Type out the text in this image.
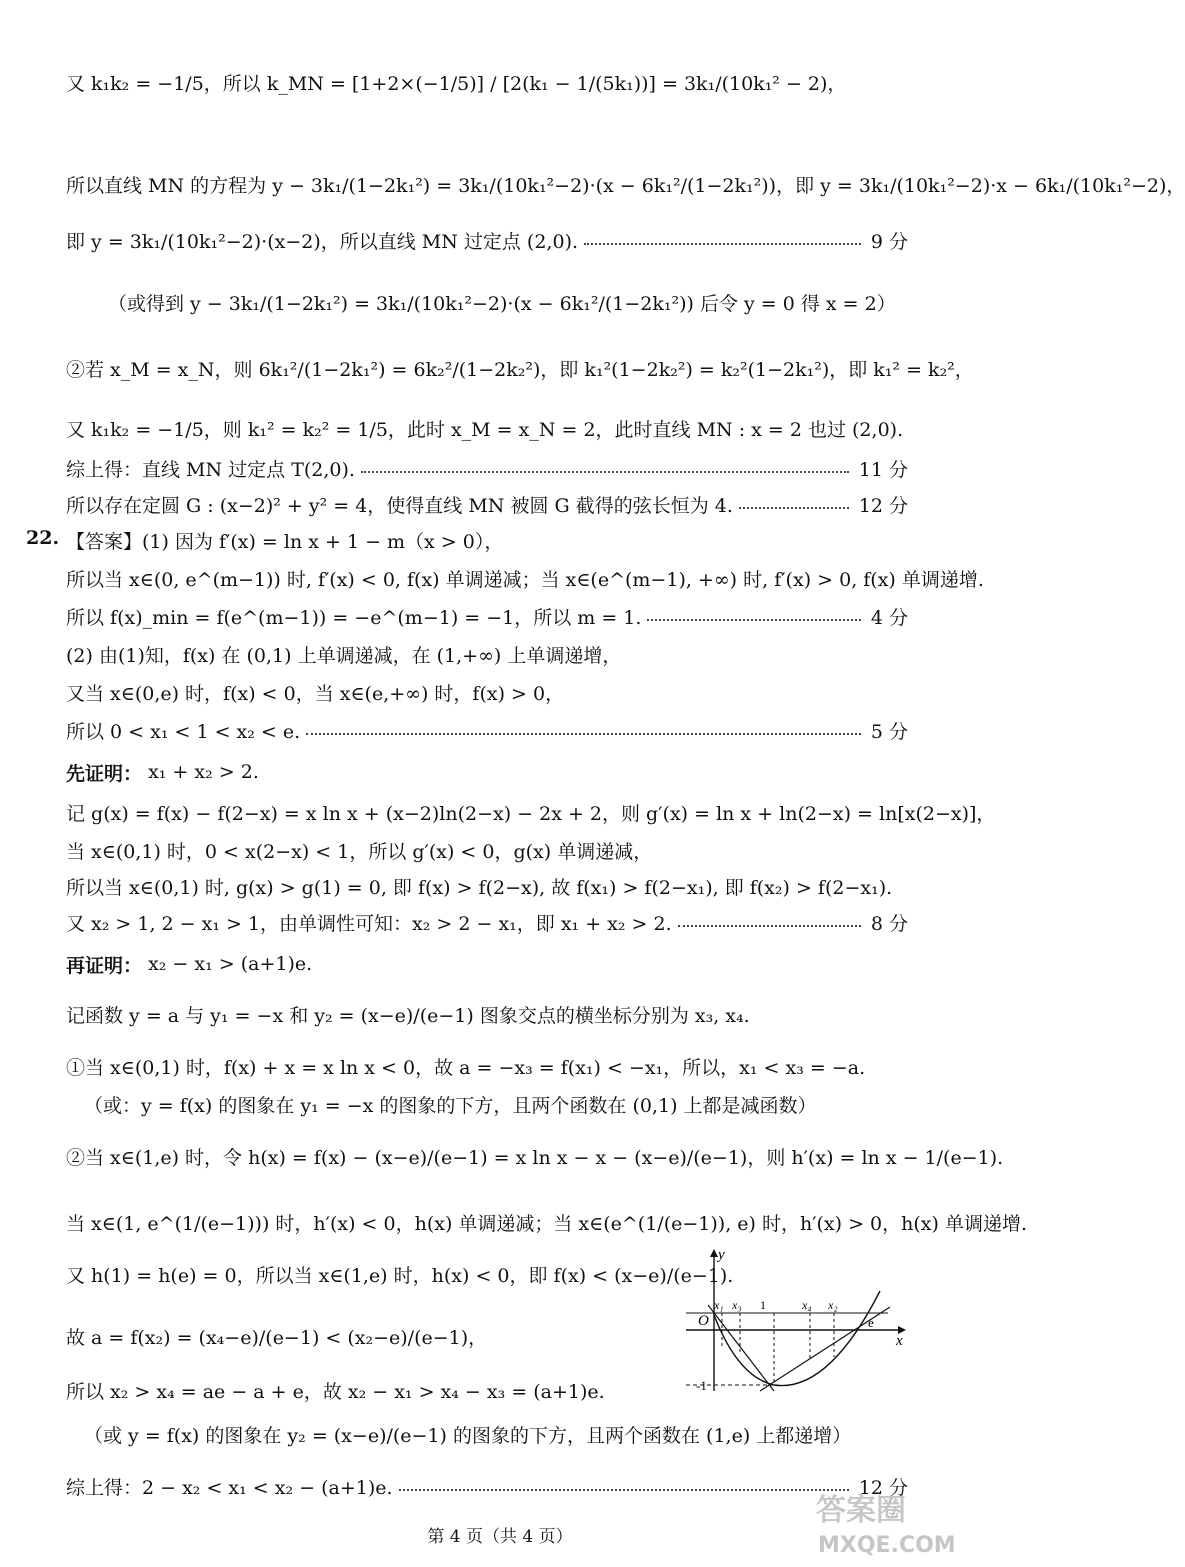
又 k₁k₂ = −1/5，所以 k_MN = [1+2×(−1/5)] / [2(k₁ − 1/(5k₁))] = 3k₁/(10k₁² − 2)，
所以直线 MN 的方程为 y − 3k₁/(1−2k₁²) = 3k₁/(10k₁²−2)·(x − 6k₁²/(1−2k₁²))，即 y = 3k₁/(10k₁²−2)·x − 6k₁/(10k₁²−2)，
即 y = 3k₁/(10k₁²−2)·(x−2)，所以直线 MN 过定点 (2,0).	9 分
（或得到 y − 3k₁/(1−2k₁²) = 3k₁/(10k₁²−2)·(x − 6k₁²/(1−2k₁²)) 后令 y = 0 得 x = 2）
②若 x_M = x_N，则 6k₁²/(1−2k₁²) = 6k₂²/(1−2k₂²)，即 k₁²(1−2k₂²) = k₂²(1−2k₁²)，即 k₁² = k₂²，
又 k₁k₂ = −1/5，则 k₁² = k₂² = 1/5，此时 x_M = x_N = 2，此时直线 MN : x = 2 也过 (2,0).
综上得：直线 MN 过定点 T(2,0).	11 分
所以存在定圆 G : (x−2)² + y² = 4，使得直线 MN 被圆 G 截得的弦长恒为 4.	12 分
22. 【答案】(1) 因为 f′(x) = ln x + 1 − m（x > 0），
所以当 x∈(0, e^(m−1)) 时, f′(x) < 0, f(x) 单调递减；当 x∈(e^(m−1), +∞) 时, f′(x) > 0, f(x) 单调递增.
所以 f(x)_min = f(e^(m−1)) = −e^(m−1) = −1，所以 m = 1.	4 分
(2) 由(1)知，f(x) 在 (0,1) 上单调递减，在 (1,+∞) 上单调递增，
又当 x∈(0,e) 时，f(x) < 0，当 x∈(e,+∞) 时，f(x) > 0，
所以 0 < x₁ < 1 < x₂ < e.	5 分
先证明：
x₁ + x₂ > 2.
记 g(x) = f(x) − f(2−x) = x ln x + (x−2)ln(2−x) − 2x + 2，则 g′(x) = ln x + ln(2−x) = ln[x(2−x)]，
当 x∈(0,1) 时，0 < x(2−x) < 1，所以 g′(x) < 0，g(x) 单调递减，
所以当 x∈(0,1) 时, g(x) > g(1) = 0, 即 f(x) > f(2−x), 故 f(x₁) > f(2−x₁), 即 f(x₂) > f(2−x₁).
又 x₂ > 1, 2 − x₁ > 1，由单调性可知：x₂ > 2 − x₁，即 x₁ + x₂ > 2.	8 分
再证明：
x₂ − x₁ > (a+1)e.
记函数 y = a 与 y₁ = −x 和 y₂ = (x−e)/(e−1) 图象交点的横坐标分别为 x₃, x₄.
①当 x∈(0,1) 时，f(x) + x = x ln x < 0，故 a = −x₃ = f(x₁) < −x₁，所以，x₁ < x₃ = −a.
（或：y = f(x) 的图象在 y₁ = −x 的图象的下方，且两个函数在 (0,1) 上都是减函数）
②当 x∈(1,e) 时，令 h(x) = f(x) − (x−e)/(e−1) = x ln x − x − (x−e)/(e−1)，则 h′(x) = ln x − 1/(e−1).
当 x∈(1, e^(1/(e−1))) 时，h′(x) < 0，h(x) 单调递减；当 x∈(e^(1/(e−1)), e) 时，h′(x) > 0，h(x) 单调递增.
又 h(1) = h(e) = 0，所以当 x∈(1,e) 时，h(x) < 0，即 f(x) < (x−e)/(e−1).
故 a = f(x₂) = (x₄−e)/(e−1) < (x₂−e)/(e−1)，
所以 x₂ > x₄ = ae − a + e，故 x₂ − x₁ > x₄ − x₃ = (a+1)e.
（或 y = f(x) 的图象在 y₂ = (x−e)/(e−1) 的图象的下方，且两个函数在 (1,e) 上都递增）
综上得：2 − x₂ < x₁ < x₂ − (a+1)e.	12 分
y
x
O
x₁ x₃ 1	x₄ x₂
e
-1
第 4 页（共 4 页）
答案圈
MXQE.COM
